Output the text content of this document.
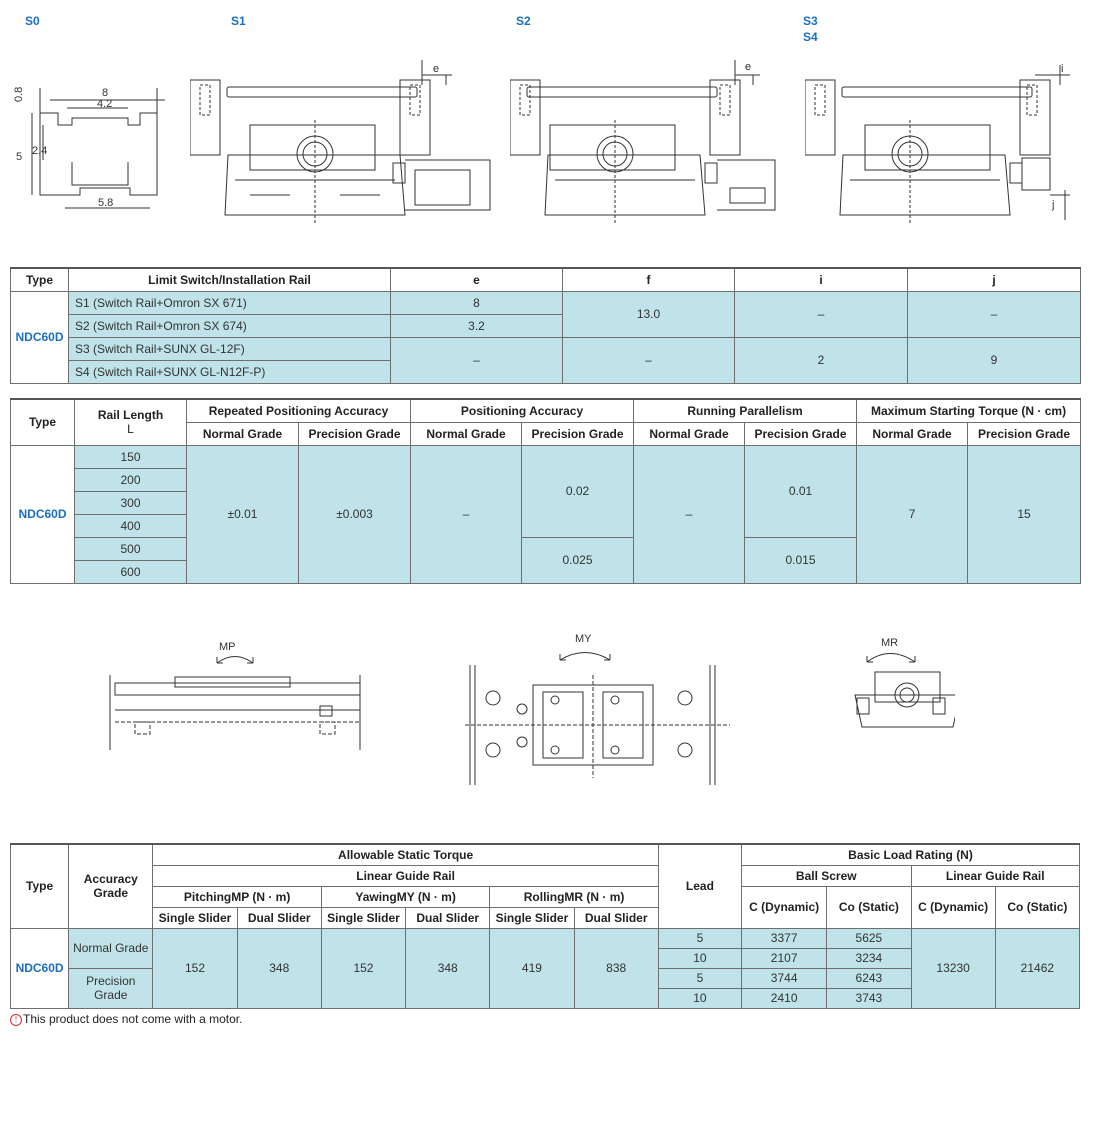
S0	S1	S2	S3
S4
8
4.2
0.8
5 2.4
5.8
e	e	i
j
Type	Limit Switch/Installation Rail	e	f	i	j
NDC60D	S1 (Switch Rail+Omron SX 671)	8	13.0	–	–
	S2 (Switch Rail+Omron SX 674)	3.2			
	S3 (Switch Rail+SUNX GL-12F)	–	–	2	9
	S4 (Switch Rail+SUNX GL-N12F-P)				
Type	Rail Length
L	Repeated Positioning Accuracy		Positioning Accuracy		Running Parallelism		Maximum Starting Torque (N · cm)	
		Normal Grade	Precision Grade	Normal Grade	Precision Grade	Normal Grade	Precision Grade	Normal Grade	Precision Grade
NDC60D	150	±0.01	±0.003	–	0.02	–	0.01	7	15
	200								
	300								
	400								
	500				0.025		0.015		
	600								
MP
MY	MR
Type	Accuracy Grade	Allowable Static Torque						Lead	Basic Load Rating (N)			
		Linear Guide Rail							Ball Screw		Linear Guide Rail	
		PitchingMP (N · m)		YawingMY (N · m)		RollingMR (N · m)			C (Dynamic)	Co (Static)	C (Dynamic)	Co (Static)
		Single Slider	Dual Slider	Single Slider	Dual Slider	Single Slider	Dual Slider					
NDC60D	Normal Grade	152	348	152	348	419	838	5	3377	5625	13230	21462
								10	2107	3234		
	Precision Grade							5	3744	6243		
								10	2410	3743		
! This product does not come with a motor.
